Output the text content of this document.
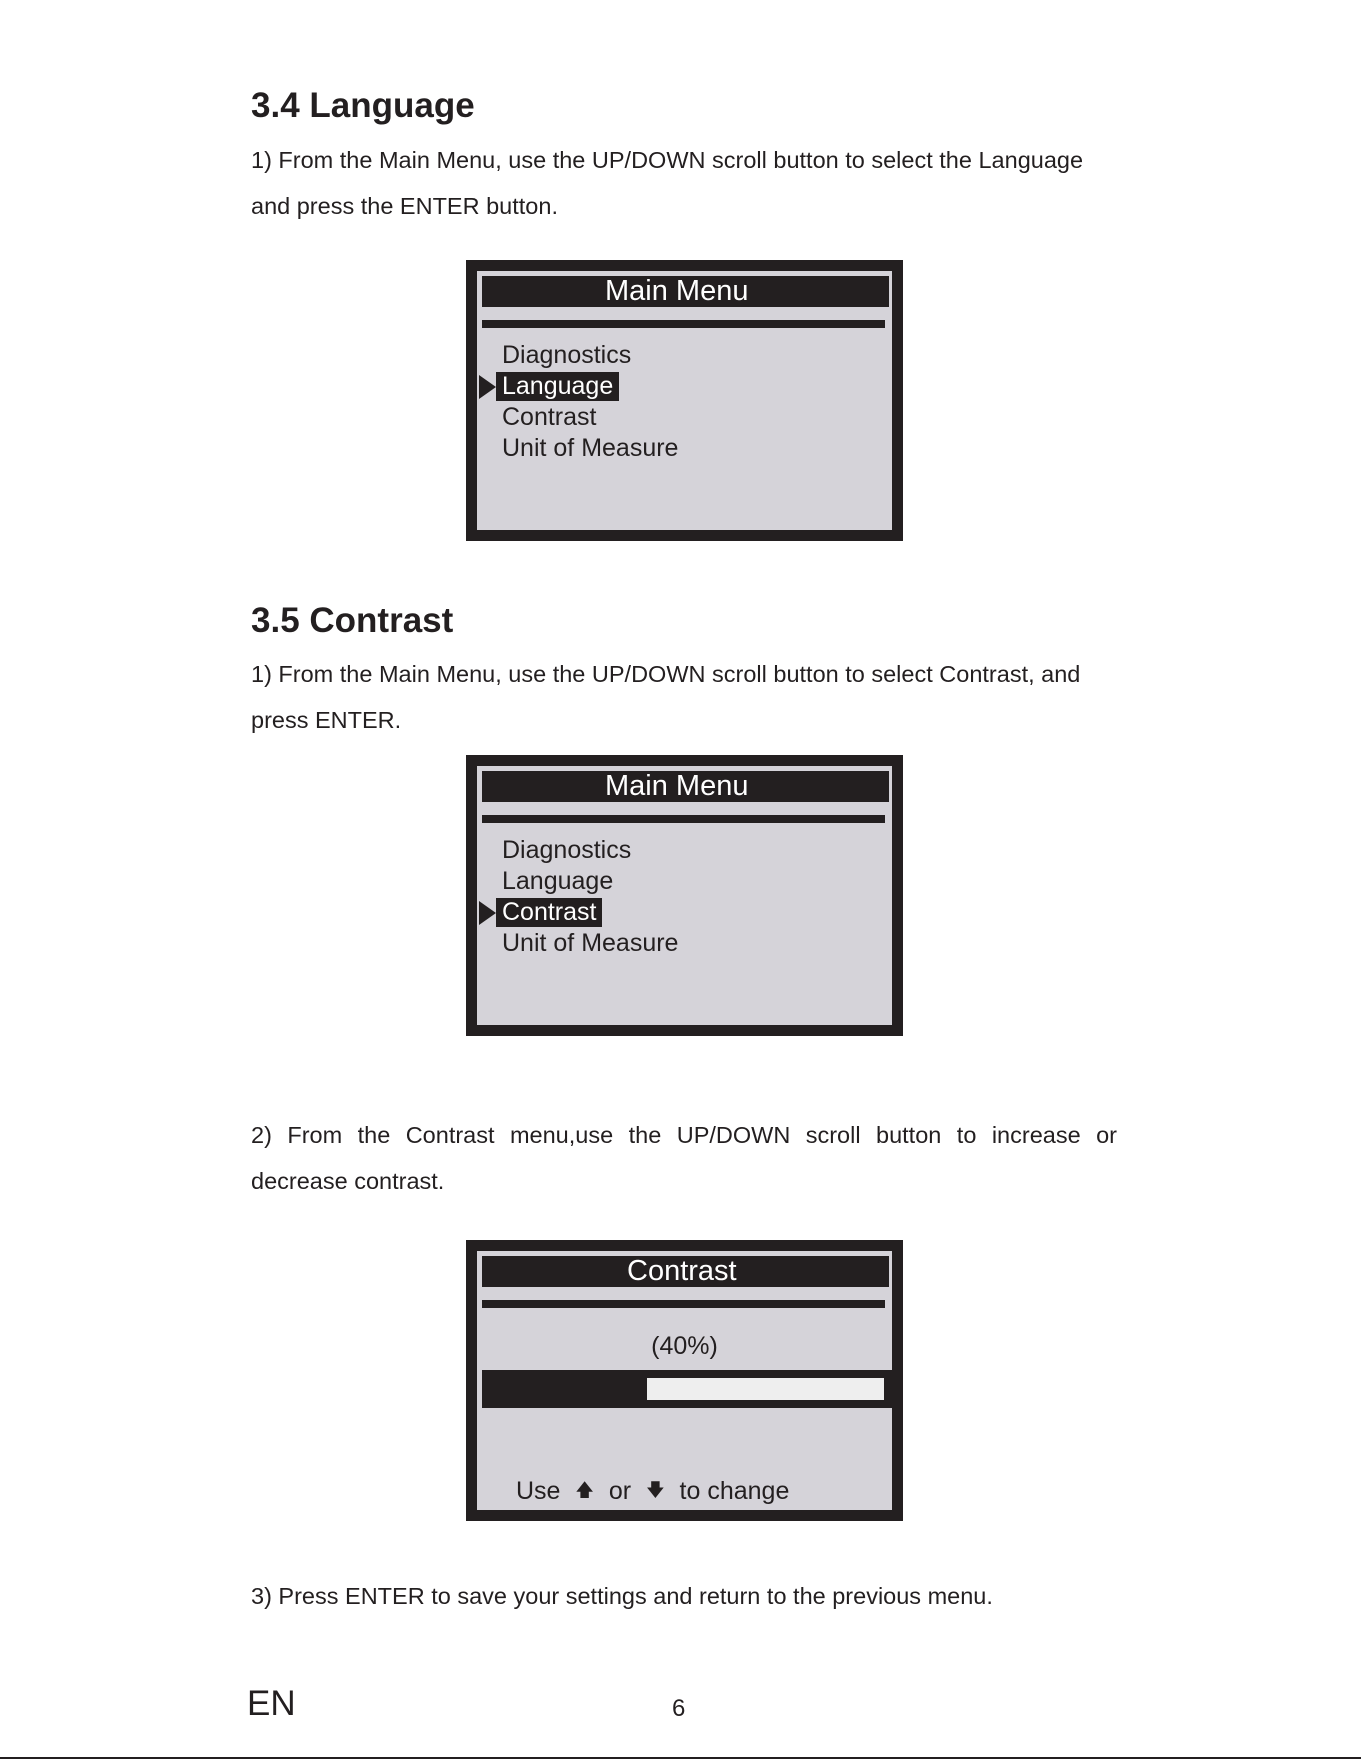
3.4 Language

1) From the Main Menu, use the UP/DOWN scroll button to select the Language
and press the ENTER button.

Main Menu
Diagnostics
Language
Contrast
Unit of Measure
3.5 Contrast

1) From the Main Menu, use the UP/DOWN scroll button to select Contrast, and
press ENTER.

Main Menu
Diagnostics
Language
Contrast
Unit of Measure

2) From the Contrast menu,use the UP/DOWN scroll button to increase or
decrease contrast.

Contrast
(40%)
Use 🡅 or 🡇 to change

3) Press ENTER to save your settings and return to the previous menu.

EN	6
